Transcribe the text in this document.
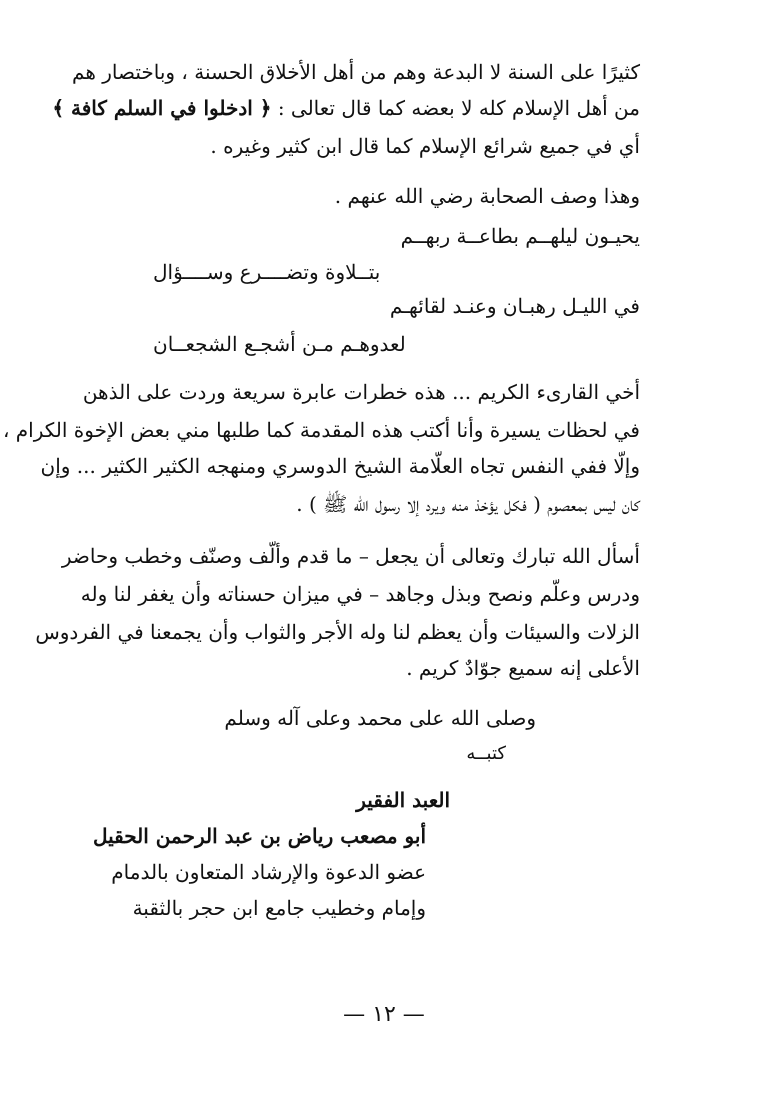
كثيرًا على السنة لا البدعة وهم من أهل الأخلاق الحسنة ، وباختصار هم
من أهل الإسلام كله لا بعضه كما قال تعالى : ﴿ ادخلوا في السلم كافة ﴾
أي في جميع شرائع الإسلام كما قال ابن كثير وغيره .
وهذا وصف الصحابة رضي الله عنهم .
يحيـون ليلهــم بطاعــة ربهــم
بتــلاوة وتضــــرع وســــؤال
في الليـل رهبـان وعنـد لقائهـم
لعدوهـم مـن أشجـع الشجعــان
أخي القارىء الكريم ... هذه خطرات عابرة سريعة وردت على الذهن
في لحظات يسيرة وأنا أكتب هذه المقدمة كما طلبها مني بعض الإخوة الكرام ،
وإلّا ففي النفس تجاه العلّامة الشيخ الدوسري ومنهجه الكثير الكثير ... وإن
كان ليس بمعصوم ( فكل يؤخذ منه ويرد إلا رسول الله ﷺ ) .
أسأل الله تبارك وتعالى أن يجعل – ما قدم وألّف وصنّف وخطب وحاضر
ودرس وعلّم ونصح وبذل وجاهد – في ميزان حسناته وأن يغفر لنا وله
الزلات والسيئات وأن يعظم لنا وله الأجر والثواب وأن يجمعنا في الفردوس
الأعلى إنه سميع جوّادٌ كريم .
وصلى الله على محمد وعلى آله وسلم
كتبــه
العبد الفقير
أبو مصعب رياض بن عبد الرحمن الحقيل
عضو الدعوة والإرشاد المتعاون بالدمام
وإمام وخطيب جامع ابن حجر بالثقبة
— ١٢ —
